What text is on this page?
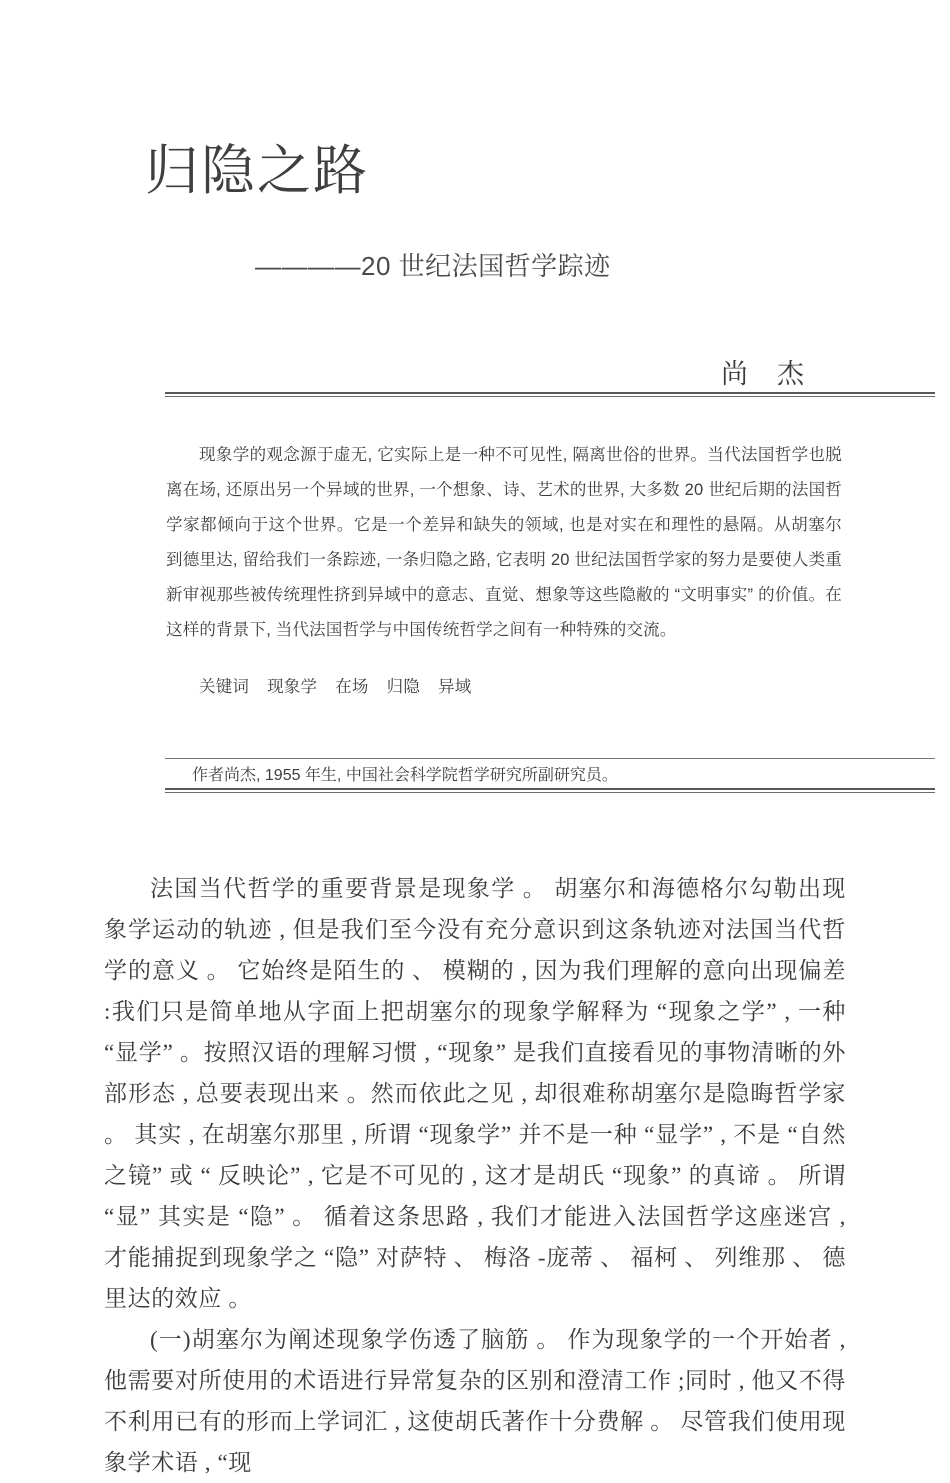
归隐之路

————20 世纪法国哲学踪迹

尚　杰

现象学的观念源于虚无, 它实际上是一种不可见性, 隔离世俗的世界。当代法国哲学也脱离在场, 还原出另一个异域的世界, 一个想象、诗、艺术的世界, 大多数 20 世纪后期的法国哲学家都倾向于这个世界。它是一个差异和缺失的领域, 也是对实在和理性的悬隔。从胡塞尔到德里达, 留给我们一条踪迹, 一条归隐之路, 它表明 20 世纪法国哲学家的努力是要使人类重新审视那些被传统理性挤到异域中的意志、直觉、想象等这些隐敝的 “文明事实” 的价值。在这样的背景下, 当代法国哲学与中国传统哲学之间有一种特殊的交流。

关键词 现象学 在场 归隐 异域

作者尚杰, 1955 年生, 中国社会科学院哲学研究所副研究员。

法国当代哲学的重要背景是现象学 。 胡塞尔和海德格尔勾勒出现象学运动的轨迹 , 但是我们至今没有充分意识到这条轨迹对法国当代哲学的意义 。 它始终是陌生的 、 模糊的 , 因为我们理解的意向出现偏差 :我们只是简单地从字面上把胡塞尔的现象学解释为 “现象之学” , 一种 “显学” 。按照汉语的理解习惯 , “现象” 是我们直接看见的事物清晰的外部形态 , 总要表现出来 。然而依此之见 , 却很难称胡塞尔是隐晦哲学家 。 其实 , 在胡塞尔那里 , 所谓 “现象学” 并不是一种 “显学” , 不是 “自然之镜” 或 “ 反映论” , 它是不可见的 , 这才是胡氏 “现象” 的真谛 。 所谓 “显” 其实是 “隐” 。 循着这条思路 , 我们才能进入法国哲学这座迷宫 , 才能捕捉到现象学之 “隐” 对萨特 、 梅洛 -庞蒂 、 福柯 、 列维那 、 德里达的效应 。

(一)胡塞尔为阐述现象学伤透了脑筋 。 作为现象学的一个开始者 , 他需要对所使用的术语进行异常复杂的区别和澄清工作 ;同时 , 他又不得不利用已有的形而上学词汇 , 这使胡氏著作十分费解 。 尽管我们使用现象学术语 , “现
